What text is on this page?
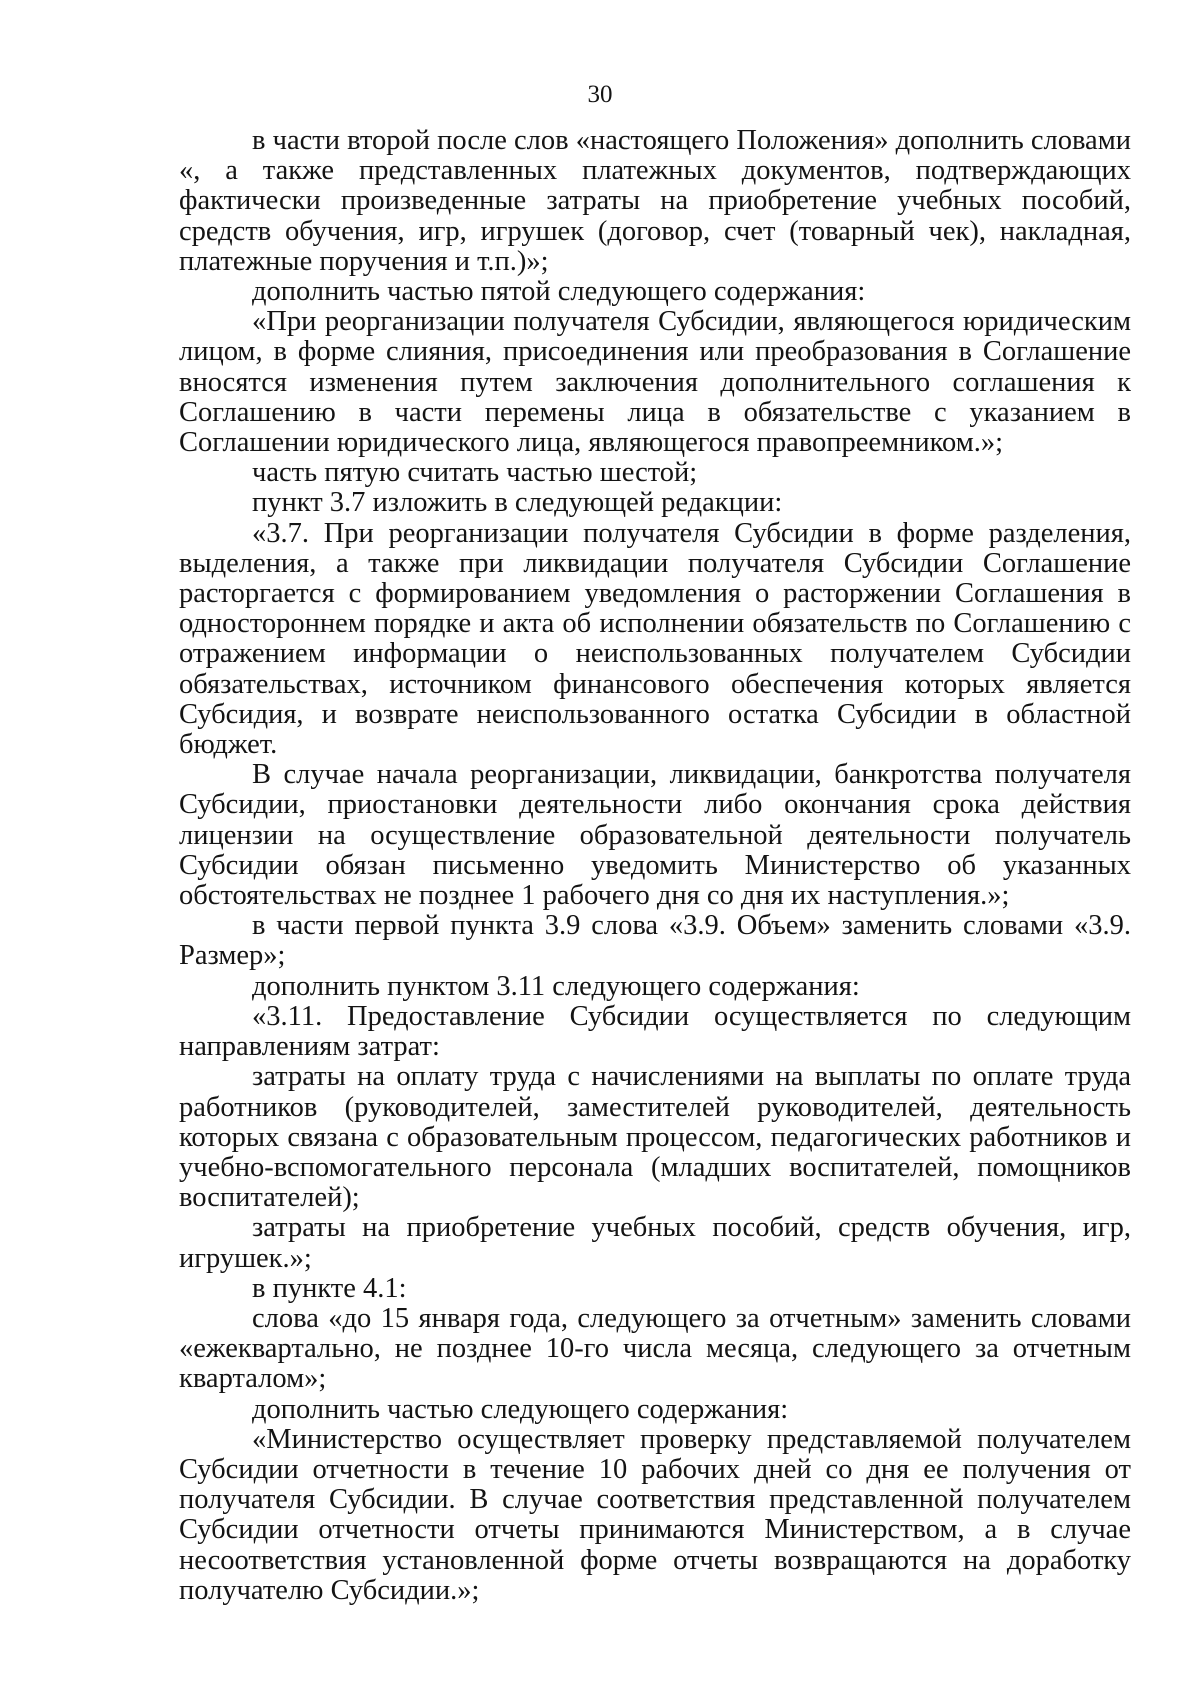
30

в части второй после слов «настоящего Положения» дополнить словами «, а также представленных платежных документов, подтверждающих фактически произведенные затраты на приобретение учебных пособий, средств обучения, игр, игрушек (договор, счет (товарный чек), накладная, платежные поручения и т.п.)»;

дополнить частью пятой следующего содержания:

«При реорганизации получателя Субсидии, являющегося юридическим лицом, в форме слияния, присоединения или преобразования в Соглашение вносятся изменения путем заключения дополнительного соглашения к Соглашению в части перемены лица в обязательстве с указанием в Соглашении юридического лица, являющегося правопреемником.»;

часть пятую считать частью шестой;

пункт 3.7 изложить в следующей редакции:

«3.7. При реорганизации получателя Субсидии в форме разделения, выделения, а также при ликвидации получателя Субсидии Соглашение расторгается с формированием уведомления о расторжении Соглашения в одностороннем порядке и акта об исполнении обязательств по Соглашению с отражением информации о неиспользованных получателем Субсидии обязательствах, источником финансового обеспечения которых является Субсидия, и возврате неиспользованного остатка Субсидии в областной бюджет.

В случае начала реорганизации, ликвидации, банкротства получателя Субсидии, приостановки деятельности либо окончания срока действия лицензии на осуществление образовательной деятельности получатель Субсидии обязан письменно уведомить Министерство об указанных обстоятельствах не позднее 1 рабочего дня со дня их наступления.»;

в части первой пункта 3.9 слова «3.9. Объем» заменить словами «3.9. Размер»;

дополнить пунктом 3.11 следующего содержания:

«3.11. Предоставление Субсидии осуществляется по следующим направлениям затрат:

затраты на оплату труда с начислениями на выплаты по оплате труда работников (руководителей, заместителей руководителей, деятельность которых связана с образовательным процессом, педагогических работников и учебно-вспомогательного персонала (младших воспитателей, помощников воспитателей);

затраты на приобретение учебных пособий, средств обучения, игр, игрушек.»;

в пункте 4.1:

слова «до 15 января года, следующего за отчетным» заменить словами «ежеквартально, не позднее 10-го числа месяца, следующего за отчетным кварталом»;

дополнить частью следующего содержания:

«Министерство осуществляет проверку представляемой получателем Субсидии отчетности в течение 10 рабочих дней со дня ее получения от получателя Субсидии. В случае соответствия представленной получателем Субсидии отчетности отчеты принимаются Министерством, а в случае несоответствия установленной форме отчеты возвращаются на доработку получателю Субсидии.»;
